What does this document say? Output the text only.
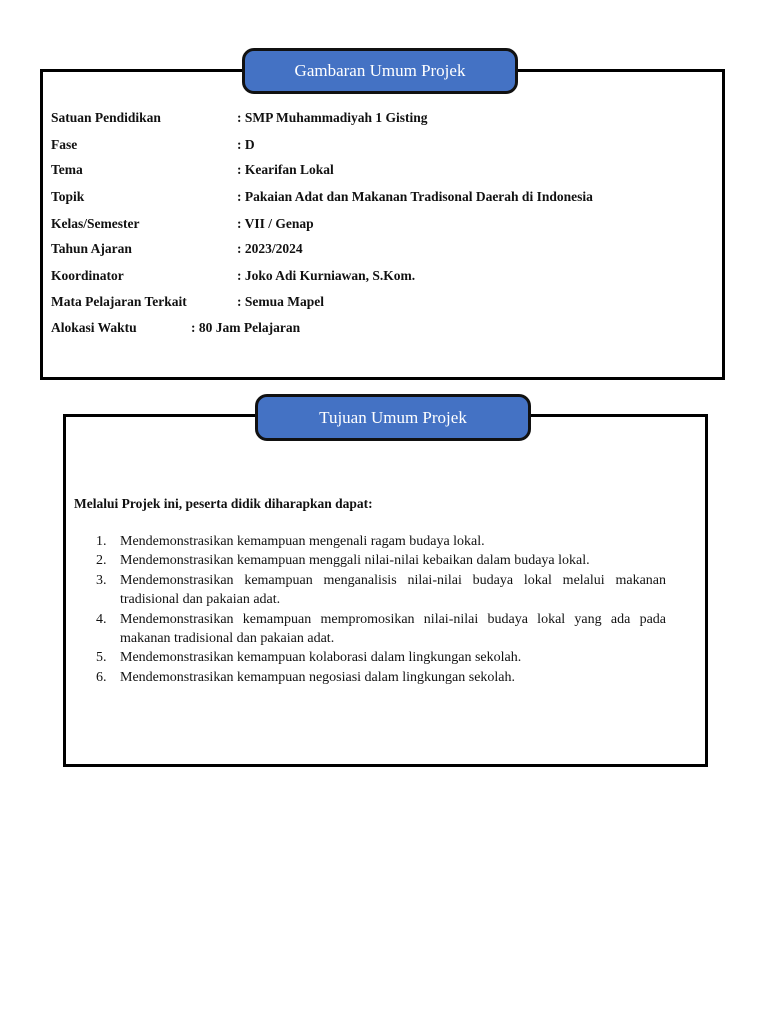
Gambaran Umum Projek
Satuan Pendidikan	: SMP Muhammadiyah 1 Gisting
Fase	: D
Tema	: Kearifan Lokal
Topik	: Pakaian Adat dan Makanan Tradisonal Daerah di Indonesia
Kelas/Semester	: VII / Genap
Tahun Ajaran	: 2023/2024
Koordinator	: Joko Adi Kurniawan, S.Kom.
Mata Pelajaran Terkait	: Semua Mapel
Alokasi Waktu	: 80 Jam Pelajaran
Tujuan Umum Projek
Melalui Projek ini, peserta didik diharapkan dapat:
1. Mendemonstrasikan kemampuan mengenali ragam budaya lokal.
2. Mendemonstrasikan kemampuan menggali nilai-nilai kebaikan dalam budaya lokal.
3. Mendemonstrasikan kemampuan menganalisis nilai-nilai budaya lokal melalui makanan tradisional dan pakaian adat.
4. Mendemonstrasikan kemampuan mempromosikan nilai-nilai budaya lokal yang ada pada makanan tradisional dan pakaian adat.
5. Mendemonstrasikan kemampuan kolaborasi dalam lingkungan sekolah.
6. Mendemonstrasikan kemampuan negosiasi dalam lingkungan sekolah.
